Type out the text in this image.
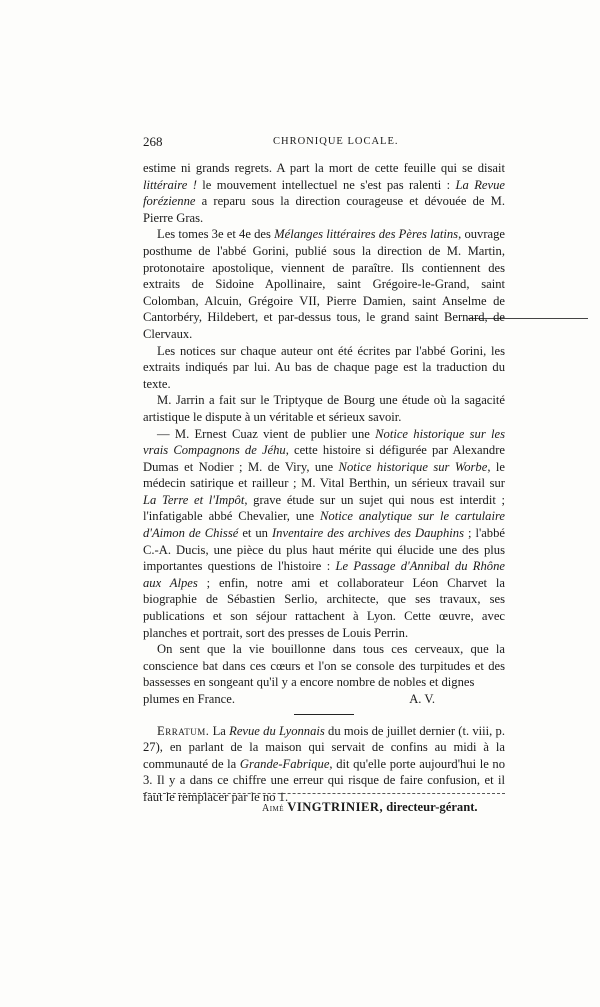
268	CHRONIQUE LOCALE.

estime ni grands regrets. A part la mort de cette feuille qui se disait littéraire ! le mouvement intellectuel ne s'est pas ralenti : La Revue forézienne a reparu sous la direction courageuse et dévouée de M. Pierre Gras.

Les tomes 3e et 4e des Mélanges littéraires des Pères latins, ouvrage posthume de l'abbé Gorini, publié sous la direction de M. Martin, protonotaire apostolique, viennent de paraître. Ils contiennent des extraits de Sidoine Apollinaire, saint Grégoire-le-Grand, saint Colomban, Alcuin, Grégoire VII, Pierre Damien, saint Anselme de Cantorbéry, Hildebert, et par-dessus tous, le grand saint Bernard, de Clervaux.

Les notices sur chaque auteur ont été écrites par l'abbé Gorini, les extraits indiqués par lui. Au bas de chaque page est la traduction du texte.

M. Jarrin a fait sur le Triptyque de Bourg une étude où la sagacité artistique le dispute à un véritable et sérieux savoir.

— M. Ernest Cuaz vient de publier une Notice historique sur les vrais Compagnons de Jéhu, cette histoire si défigurée par Alexandre Dumas et Nodier ; M. de Viry, une Notice historique sur Worbe, le médecin satirique et railleur ; M. Vital Berthin, un sérieux travail sur La Terre et l'Impôt, grave étude sur un sujet qui nous est interdit ; l'infatigable abbé Chevalier, une Notice analytique sur le cartulaire d'Aimon de Chissé et un Inventaire des archives des Dauphins ; l'abbé C.-A. Ducis, une pièce du plus haut mérite qui élucide une des plus importantes questions de l'histoire : Le Passage d'Annibal du Rhône aux Alpes ; enfin, notre ami et collaborateur Léon Charvet la biographie de Sébastien Serlio, architecte, que ses travaux, ses publications et son séjour rattachent à Lyon. Cette œuvre, avec planches et portrait, sort des presses de Louis Perrin.

On sent que la vie bouillonne dans tous ces cerveaux, que la conscience bat dans ces cœurs et l'on se console des turpitudes et des bassesses en songeant qu'il y a encore nombre de nobles et dignes

plumes en France.	A. V.

Erratum. La Revue du Lyonnais du mois de juillet dernier (t. viii, p. 27), en parlant de la maison qui servait de confins au midi à la communauté de la Grande-Fabrique, dit qu'elle porte aujourd'hui le no 3. Il y a dans ce chiffre une erreur qui risque de faire confusion, et il faut le remplacer par le no 1.

Aimé VINGTRINIER, directeur-gérant.
